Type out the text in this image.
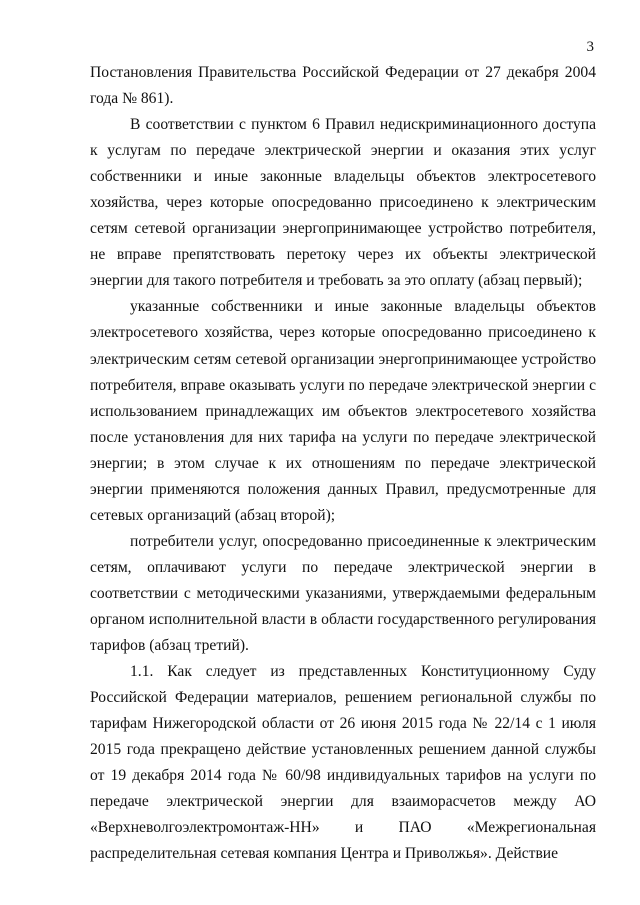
3

Постановления Правительства Российской Федерации от 27 декабря 2004 года № 861).

В соответствии с пунктом 6 Правил недискриминационного доступа к услугам по передаче электрической энергии и оказания этих услуг собственники и иные законные владельцы объектов электросетевого хозяйства, через которые опосредованно присоединено к электрическим сетям сетевой организации энергопринимающее устройство потребителя, не вправе препятствовать перетоку через их объекты электрической энергии для такого потребителя и требовать за это оплату (абзац первый);

указанные собственники и иные законные владельцы объектов электросетевого хозяйства, через которые опосредованно присоединено к электрическим сетям сетевой организации энергопринимающее устройство потребителя, вправе оказывать услуги по передаче электрической энергии с использованием принадлежащих им объектов электросетевого хозяйства после установления для них тарифа на услуги по передаче электрической энергии; в этом случае к их отношениям по передаче электрической энергии применяются положения данных Правил, предусмотренные для сетевых организаций (абзац второй);

потребители услуг, опосредованно присоединенные к электрическим сетям, оплачивают услуги по передаче электрической энергии в соответствии с методическими указаниями, утверждаемыми федеральным органом исполнительной власти в области государственного регулирования тарифов (абзац третий).

1.1. Как следует из представленных Конституционному Суду Российской Федерации материалов, решением региональной службы по тарифам Нижегородской области от 26 июня 2015 года № 22/14 с 1 июля 2015 года прекращено действие установленных решением данной службы от 19 декабря 2014 года № 60/98 индивидуальных тарифов на услуги по передаче электрической энергии для взаиморасчетов между АО «Верхневолгоэлектромонтаж-НН» и ПАО «Межрегиональная распределительная сетевая компания Центра и Приволжья». Действие
